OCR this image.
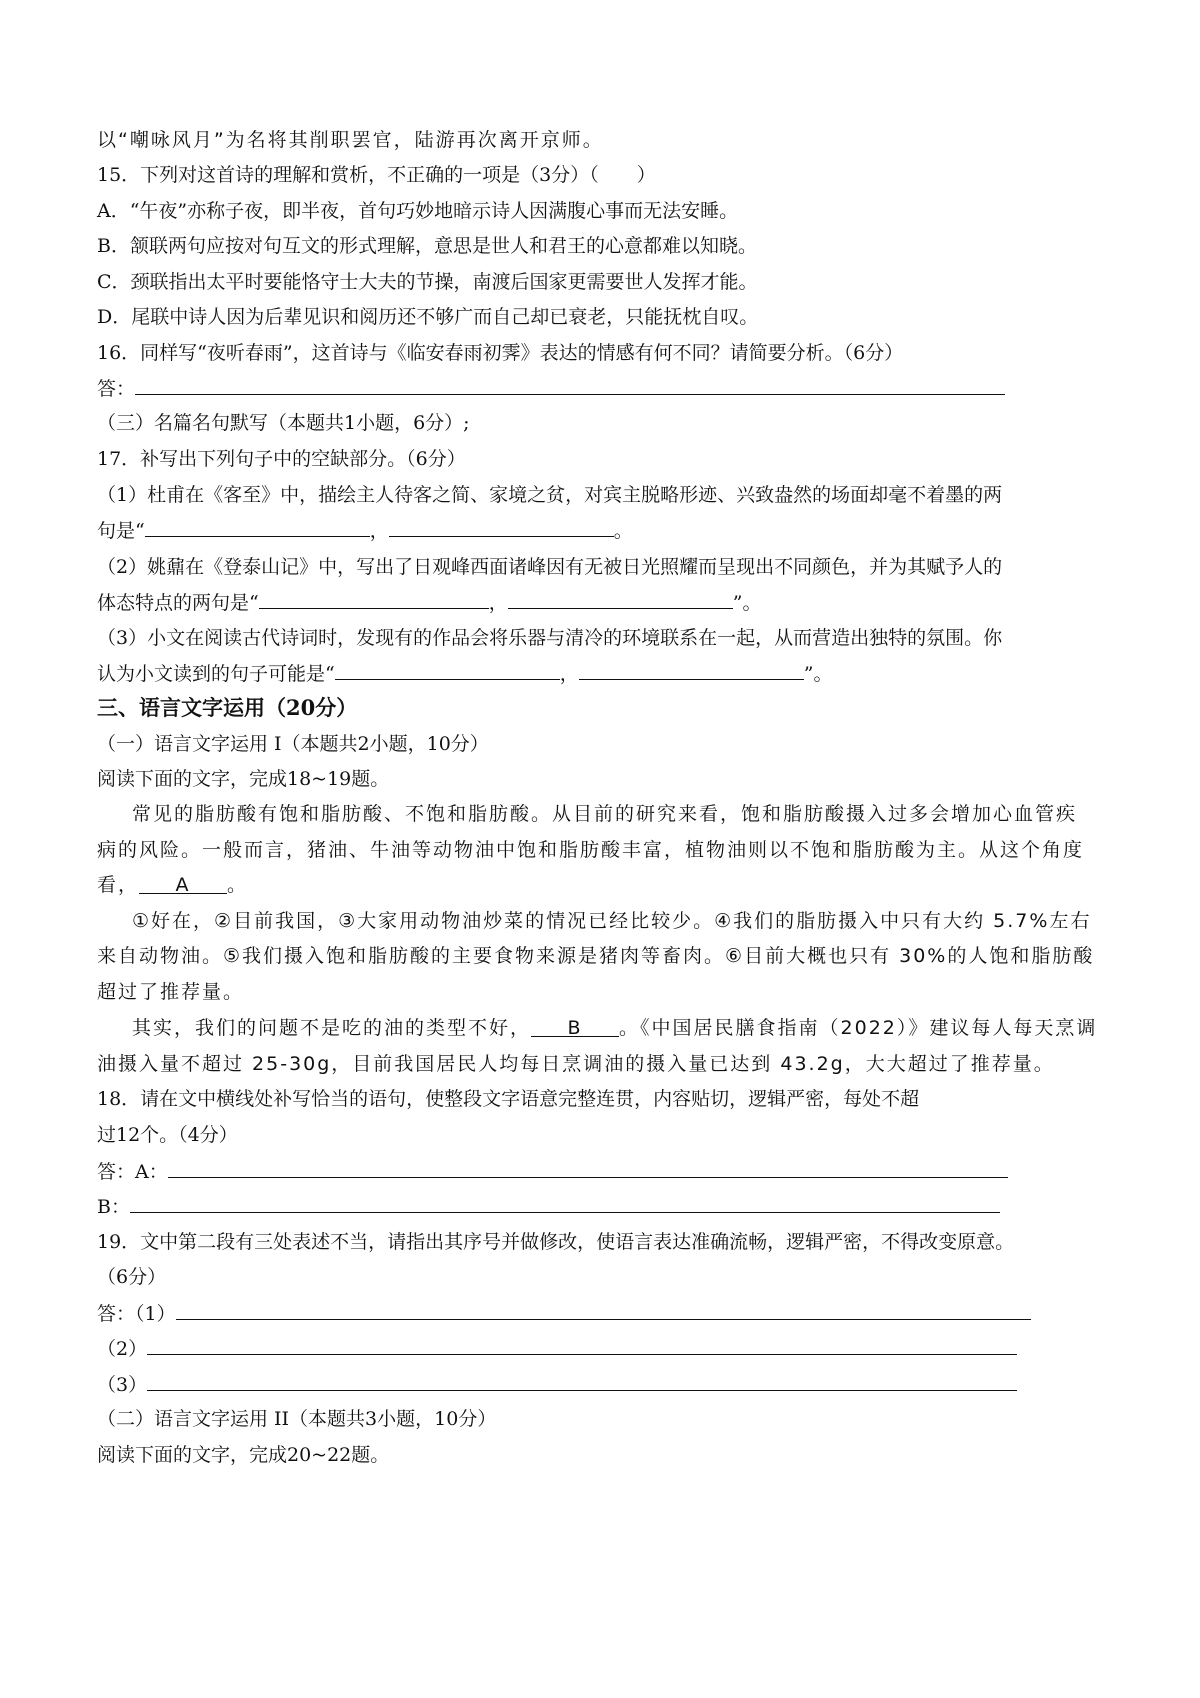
以“嘲咏风月”为名将其削职罢官，陆游再次离开京师。
15．下列对这首诗的理解和赏析，不正确的一项是（3分）（　　）
A．“午夜”亦称子夜，即半夜，首句巧妙地暗示诗人因满腹心事而无法安睡。
B．颔联两句应按对句互文的形式理解，意思是世人和君王的心意都难以知晓。
C．颈联指出太平时要能恪守士大夫的节操，南渡后国家更需要世人发挥才能。
D．尾联中诗人因为后辈见识和阅历还不够广而自己却已衰老，只能抚枕自叹。
16．同样写“夜听春雨”，这首诗与《临安春雨初霁》表达的情感有何不同？请简要分析。（6分）
答：
（三）名篇名句默写（本题共1小题，6分）;
17．补写出下列句子中的空缺部分。（6分）
（1）杜甫在《客至》中，描绘主人待客之简、家境之贫，对宾主脱略形迹、兴致盎然的场面却毫不着墨的两
句是“	，	。
（2）姚鼐在《登泰山记》中，写出了日观峰西面诸峰因有无被日光照耀而呈现出不同颜色，并为其赋予人的
体态特点的两句是“	，	”。
（3）小文在阅读古代诗词时，发现有的作品会将乐器与清冷的环境联系在一起，从而营造出独特的氛围。你
认为小文读到的句子可能是“	，	”。
三、语言文字运用（20分）
（一）语言文字运用 I（本题共2小题，10分）
阅读下面的文字，完成18~19题。
常见的脂肪酸有饱和脂肪酸、不饱和脂肪酸。从目前的研究来看，饱和脂肪酸摄入过多会增加心血管疾
病的风险。一般而言，猪油、牛油等动物油中饱和脂肪酸丰富，植物油则以不饱和脂肪酸为主。从这个角度
看， A 。
①好在，②目前我国，③大家用动物油炒菜的情况已经比较少。④我们的脂肪摄入中只有大约 5.7%左右
来自动物油。⑤我们摄入饱和脂肪酸的主要食物来源是猪肉等畜肉。⑥目前大概也只有 30%的人饱和脂肪酸
超过了推荐量。
其实，我们的问题不是吃的油的类型不好， B 。《中国居民膳食指南（2022）》建议每人每天烹调
油摄入量不超过 25-30g，目前我国居民人均每日烹调油的摄入量已达到 43.2g，大大超过了推荐量。
18．请在文中横线处补写恰当的语句，使整段文字语意完整连贯，内容贴切，逻辑严密，每处不超
过12个。（4分）
答：A：
B：
19．文中第二段有三处表述不当，请指出其序号并做修改，使语言表达准确流畅，逻辑严密，不得改变原意。
（6分）
答：（1）
（2）
（3）
（二）语言文字运用 II（本题共3小题，10分）
阅读下面的文字，完成20~22题。
